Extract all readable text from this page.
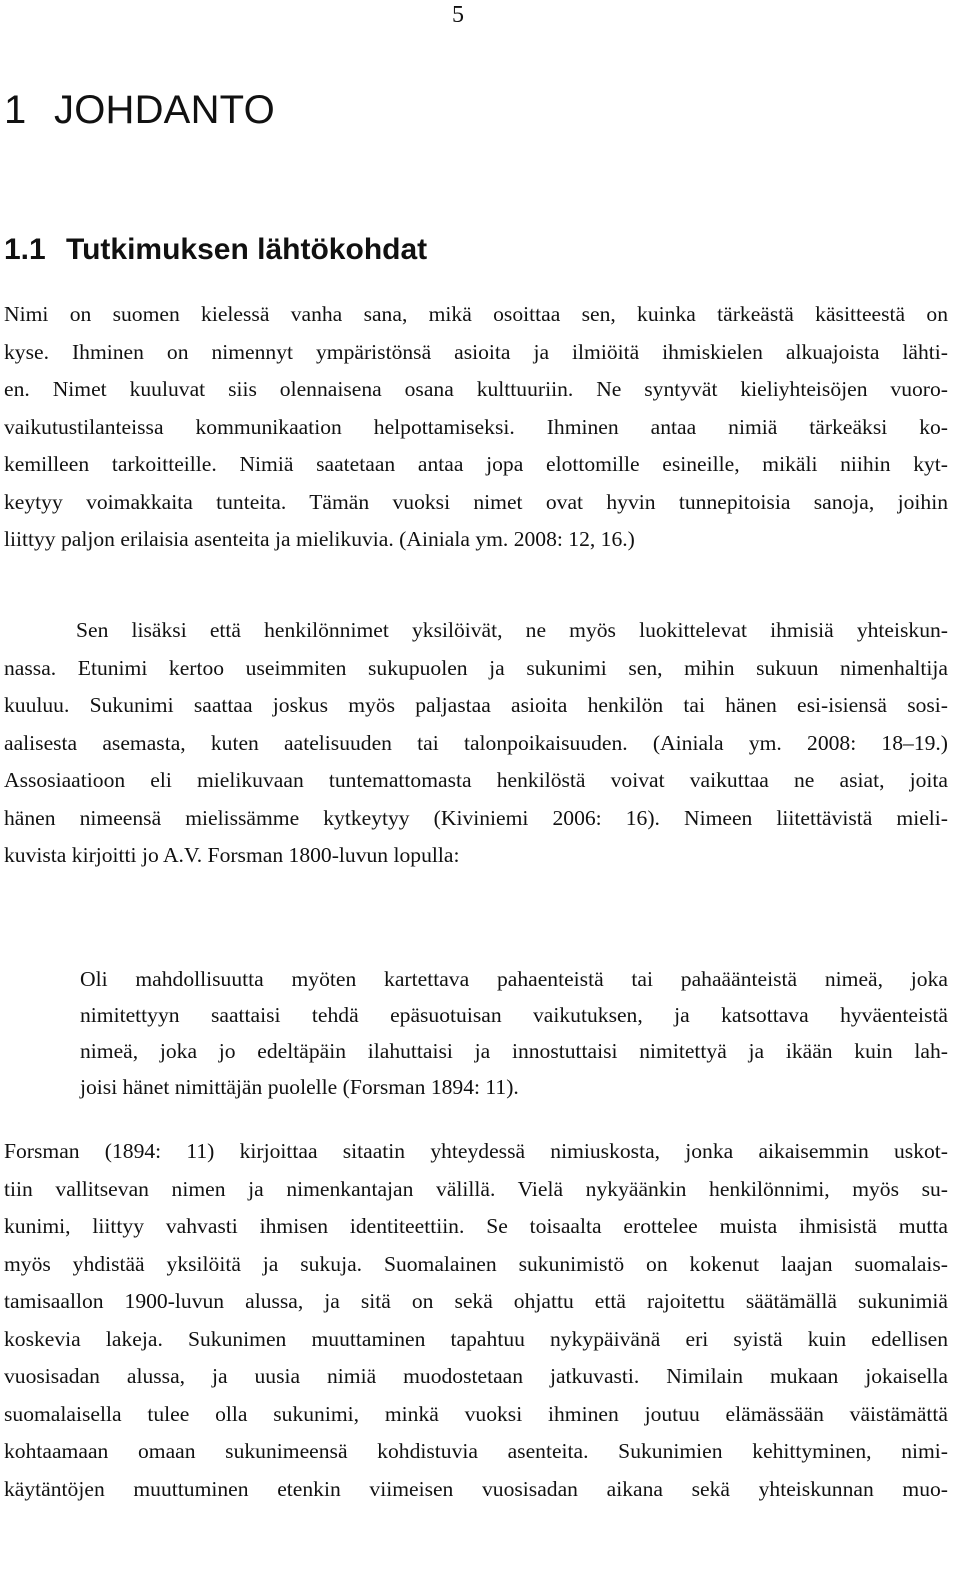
5
1 JOHDANTO
1.1 Tutkimuksen lähtökohdat
Nimi on suomen kielessä vanha sana, mikä osoittaa sen, kuinka tärkeästä käsitteestä on
kyse. Ihminen on nimennyt ympäristönsä asioita ja ilmiöitä ihmiskielen alkuajoista lähti-
en. Nimet kuuluvat siis olennaisena osana kulttuuriin. Ne syntyvät kieliyhteisöjen vuoro-
vaikutustilanteissa kommunikaation helpottamiseksi. Ihminen antaa nimiä tärkeäksi ko-
kemilleen tarkoitteille. Nimiä saatetaan antaa jopa elottomille esineille, mikäli niihin kyt-
keytyy voimakkaita tunteita. Tämän vuoksi nimet ovat hyvin tunnepitoisia sanoja, joihin
liittyy paljon erilaisia asenteita ja mielikuvia. (Ainiala ym. 2008: 12, 16.)
Sen lisäksi että henkilönnimet yksilöivät, ne myös luokittelevat ihmisiä yhteiskun-
nassa. Etunimi kertoo useimmiten sukupuolen ja sukunimi sen, mihin sukuun nimenhaltija
kuuluu. Sukunimi saattaa joskus myös paljastaa asioita henkilön tai hänen esi-isiensä sosi-
aalisesta asemasta, kuten aatelisuuden tai talonpoikaisuuden. (Ainiala ym. 2008: 18–19.)
Assosiaatioon eli mielikuvaan tuntemattomasta henkilöstä voivat vaikuttaa ne asiat, joita
hänen nimeensä mielissämme kytkeytyy (Kiviniemi 2006: 16). Nimeen liitettävistä mieli-
kuvista kirjoitti jo A.V. Forsman 1800-luvun lopulla:
Oli mahdollisuutta myöten kartettava pahaenteistä tai pahaäänteistä nimeä, joka
nimitettyyn saattaisi tehdä epäsuotuisan vaikutuksen, ja katsottava hyväenteistä
nimeä, joka jo edeltäpäin ilahuttaisi ja innostuttaisi nimitettyä ja ikään kuin lah-
joisi hänet nimittäjän puolelle (Forsman 1894: 11).
Forsman (1894: 11) kirjoittaa sitaatin yhteydessä nimiuskosta, jonka aikaisemmin uskot-
tiin vallitsevan nimen ja nimenkantajan välillä. Vielä nykyäänkin henkilönnimi, myös su-
kunimi, liittyy vahvasti ihmisen identiteettiin. Se toisaalta erottelee muista ihmisistä mutta
myös yhdistää yksilöitä ja sukuja. Suomalainen sukunimistö on kokenut laajan suomalais-
tamisaallon 1900-luvun alussa, ja sitä on sekä ohjattu että rajoitettu säätämällä sukunimiä
koskevia lakeja. Sukunimen muuttaminen tapahtuu nykypäivänä eri syistä kuin edellisen
vuosisadan alussa, ja uusia nimiä muodostetaan jatkuvasti. Nimilain mukaan jokaisella
suomalaisella tulee olla sukunimi, minkä vuoksi ihminen joutuu elämässään väistämättä
kohtaamaan omaan sukunimeensä kohdistuvia asenteita. Sukunimien kehittyminen, nimi-
käytäntöjen muuttuminen etenkin viimeisen vuosisadan aikana sekä yhteiskunnan muo-
